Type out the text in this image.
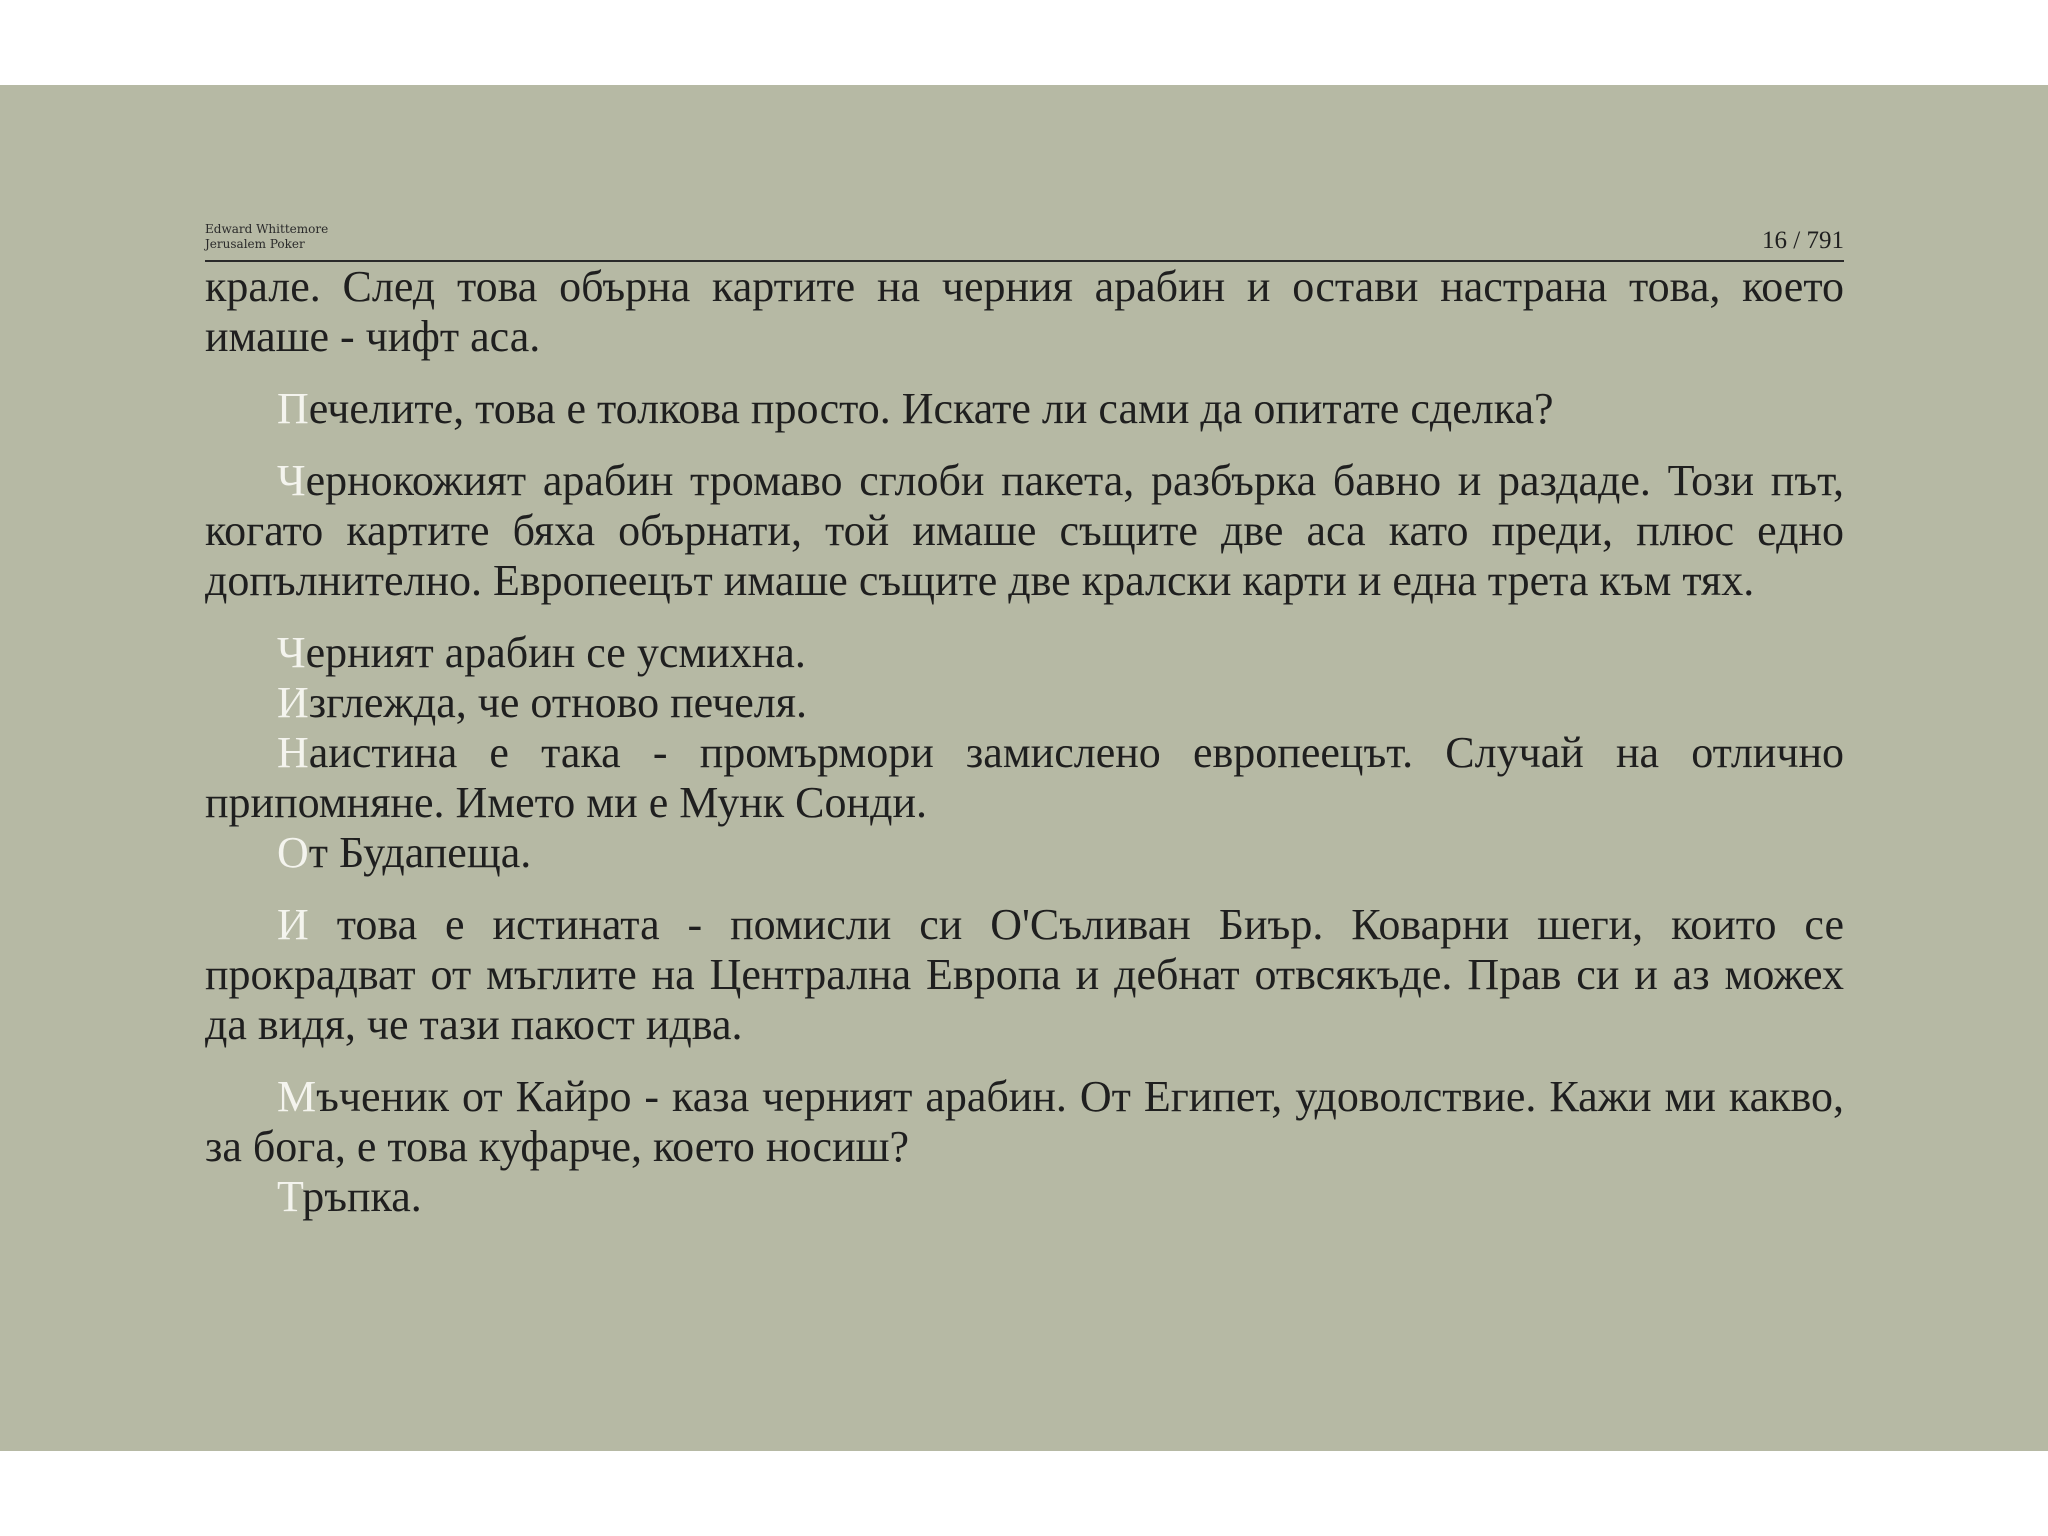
Edward Whittemore
Jerusalem Poker	16 / 791

крале. След това обърна картите на черния арабин и остави настрана това, което имаше - чифт аса.

Печелите, това е толкова просто. Искате ли сами да опитате сделка?

Чернокожият арабин тромаво сглоби пакета, разбърка бавно и раздаде. Този път, когато картите бяха обърнати, той имаше същите две аса като преди, плюс едно допълнително. Европеецът имаше същите две кралски карти и една трета към тях.

Черният арабин се усмихна.

Изглежда, че отново печеля.

Наистина е така - промърмори замислено европеецът. Случай на отлично припомняне. Името ми е Мунк Сонди.

От Будапеща.

И това е истината - помисли си О'Съливан Биър. Коварни шеги, които се прокрадват от мъглите на Централна Европа и дебнат отвсякъде. Прав си и аз можех да видя, че тази пакост идва.

Мъченик от Кайро - каза черният арабин. От Египет, удоволствие. Кажи ми какво, за бога, е това куфарче, което носиш?

Тръпка.
